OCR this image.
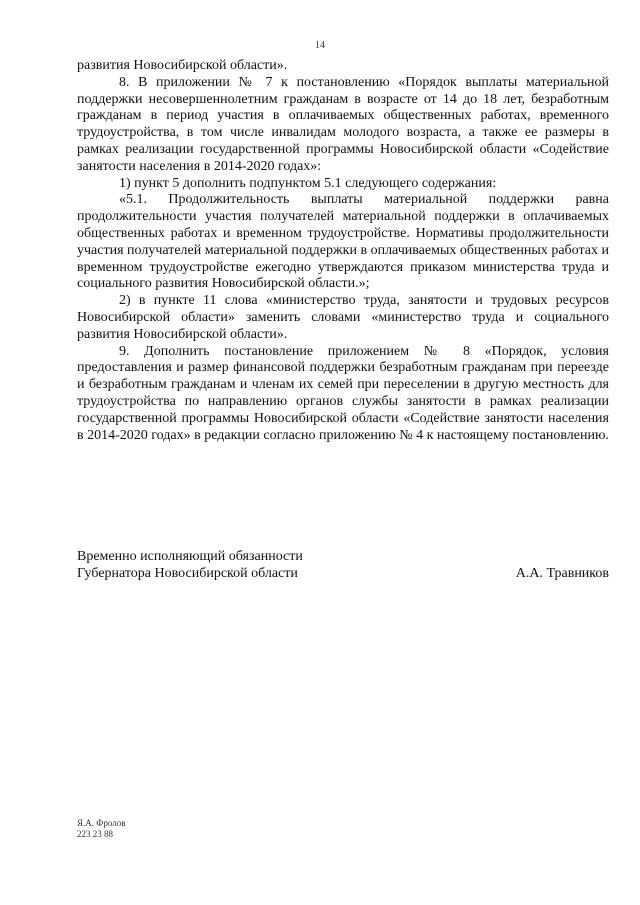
14

развития Новосибирской области».

8. В приложении № 7 к постановлению «Порядок выплаты материальной поддержки несовершеннолетним гражданам в возрасте от 14 до 18 лет, безработным гражданам в период участия в оплачиваемых общественных работах, временного трудоустройства, в том числе инвалидам молодого возраста, а также ее размеры в рамках реализации государственной программы Новосибирской области «Содействие занятости населения в 2014-2020 годах»:

1) пункт 5 дополнить подпунктом 5.1 следующего содержания:

«5.1. Продолжительность выплаты материальной поддержки равна продолжительности участия получателей материальной поддержки в оплачиваемых общественных работах и временном трудоустройстве. Нормативы продолжительности участия получателей материальной поддержки в оплачиваемых общественных работах и временном трудоустройстве ежегодно утверждаются приказом министерства труда и социального развития Новосибирской области.»;

2) в пункте 11 слова «министерство труда, занятости и трудовых ресурсов Новосибирской области» заменить словами «министерство труда и социального развития Новосибирской области».

9. Дополнить постановление приложением № 8 «Порядок, условия предоставления и размер финансовой поддержки безработным гражданам при переезде и безработным гражданам и членам их семей при переселении в другую местность для трудоустройства по направлению органов службы занятости в рамках реализации государственной программы Новосибирской области «Содействие занятости населения в 2014-2020 годах» в редакции согласно приложению № 4 к настоящему постановлению.

Временно исполняющий обязанности
Губернатора Новосибирской области	А.А. Травников
Я.А. Фролов
223 23 88
